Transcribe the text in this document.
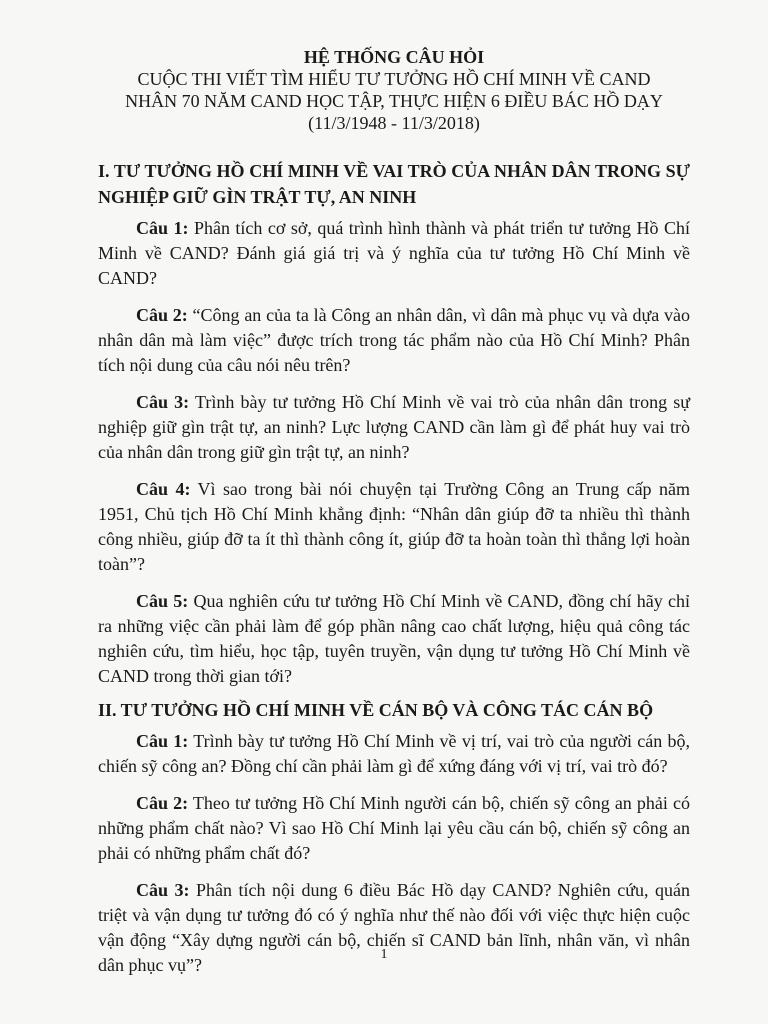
HỆ THỐNG CÂU HỎI
CUỘC THI VIẾT TÌM HIỂU TƯ TƯỞNG HỒ CHÍ MINH VỀ CAND
NHÂN 70 NĂM CAND HỌC TẬP, THỰC HIỆN 6 ĐIỀU BÁC HỒ DẠY
(11/3/1948 - 11/3/2018)
I. TƯ TƯỞNG HỒ CHÍ MINH VỀ VAI TRÒ CỦA NHÂN DÂN TRONG SỰ NGHIỆP GIỮ GÌN TRẬT TỰ, AN NINH

Câu 1: Phân tích cơ sở, quá trình hình thành và phát triển tư tưởng Hồ Chí Minh về CAND? Đánh giá giá trị và ý nghĩa của tư tưởng Hồ Chí Minh về CAND?

Câu 2: “Công an của ta là Công an nhân dân, vì dân mà phục vụ và dựa vào nhân dân mà làm việc” được trích trong tác phẩm nào của Hồ Chí Minh? Phân tích nội dung của câu nói nêu trên?

Câu 3: Trình bày tư tưởng Hồ Chí Minh về vai trò của nhân dân trong sự nghiệp giữ gìn trật tự, an ninh? Lực lượng CAND cần làm gì để phát huy vai trò của nhân dân trong giữ gìn trật tự, an ninh?

Câu 4: Vì sao trong bài nói chuyện tại Trường Công an Trung cấp năm 1951, Chủ tịch Hồ Chí Minh khẳng định: “Nhân dân giúp đỡ ta nhiều thì thành công nhiều, giúp đỡ ta ít thì thành công ít, giúp đỡ ta hoàn toàn thì thắng lợi hoàn toàn”?

Câu 5: Qua nghiên cứu tư tưởng Hồ Chí Minh về CAND, đồng chí hãy chỉ ra những việc cần phải làm để góp phần nâng cao chất lượng, hiệu quả công tác nghiên cứu, tìm hiểu, học tập, tuyên truyền, vận dụng tư tưởng Hồ Chí Minh về CAND trong thời gian tới?

II. TƯ TƯỞNG HỒ CHÍ MINH VỀ CÁN BỘ VÀ CÔNG TÁC CÁN BỘ

Câu 1: Trình bày tư tưởng Hồ Chí Minh về vị trí, vai trò của người cán bộ, chiến sỹ công an? Đồng chí cần phải làm gì để xứng đáng với vị trí, vai trò đó?

Câu 2: Theo tư tưởng Hồ Chí Minh người cán bộ, chiến sỹ công an phải có những phẩm chất nào? Vì sao Hồ Chí Minh lại yêu cầu cán bộ, chiến sỹ công an phải có những phẩm chất đó?

Câu 3: Phân tích nội dung 6 điều Bác Hồ dạy CAND? Nghiên cứu, quán triệt và vận dụng tư tưởng đó có ý nghĩa như thế nào đối với việc thực hiện cuộc vận động “Xây dựng người cán bộ, chiến sĩ CAND bản lĩnh, nhân văn, vì nhân dân phục vụ”?

1
